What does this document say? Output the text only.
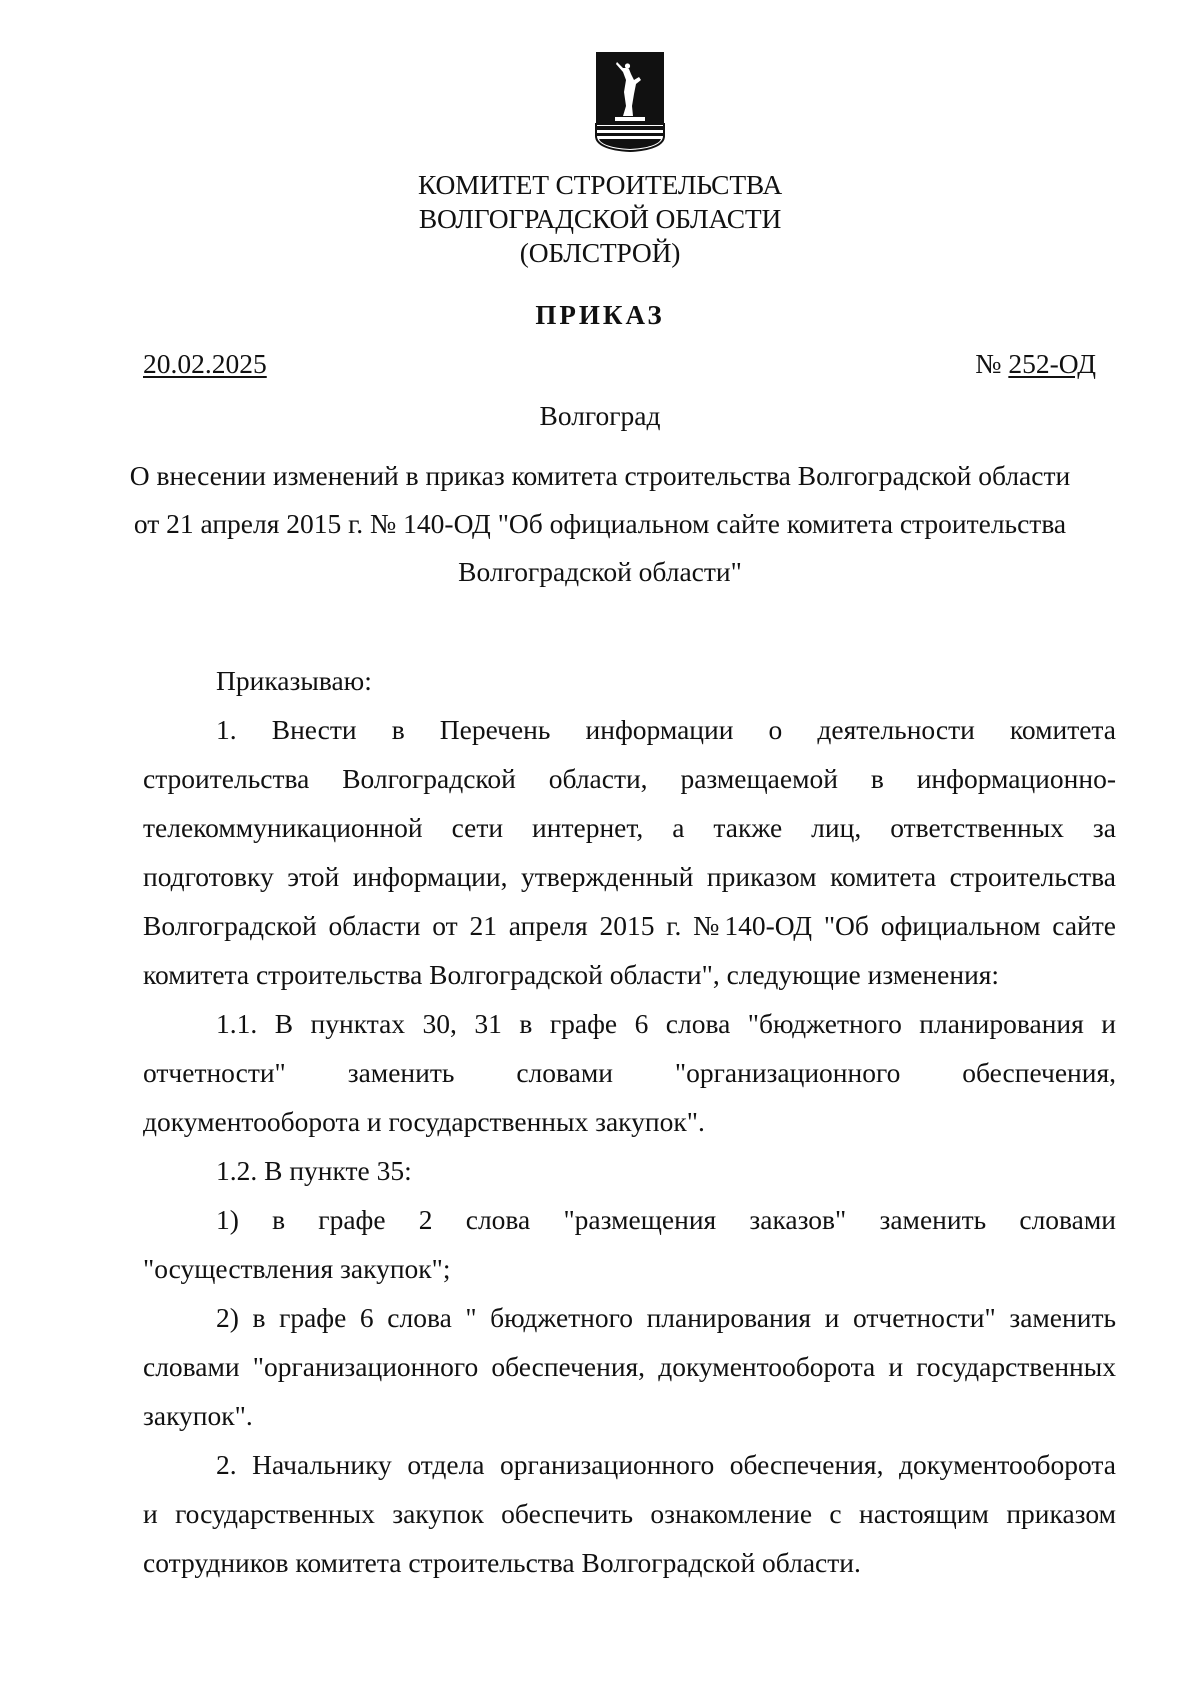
КОМИТЕТ СТРОИТЕЛЬСТВА
ВОЛГОГРАДСКОЙ ОБЛАСТИ
(ОБЛСТРОЙ)
ПРИКАЗ
20.02.2025	№ 252-ОД
Волгоград
О внесении изменений в приказ комитета строительства Волгоградской области
от 21 апреля 2015 г. № 140-ОД "Об официальном сайте комитета строительства
Волгоградской области"
Приказываю:
1. Внести в Перечень информации о деятельности комитета
строительства Волгоградской области, размещаемой в информационно-
телекоммуникационной сети интернет, а также лиц, ответственных за
подготовку этой информации, утвержденный приказом комитета строительства
Волгоградской области от 21 апреля 2015 г. №140-ОД "Об официальном сайте
комитета строительства Волгоградской области", следующие изменения:
1.1. В пунктах 30, 31 в графе 6 слова "бюджетного планирования и
отчетности" заменить словами "организационного обеспечения,
документооборота и государственных закупок".
1.2. В пункте 35:
1) в графе 2 слова "размещения заказов" заменить словами
"осуществления закупок";
2) в графе 6 слова " бюджетного планирования и отчетности" заменить
словами "организационного обеспечения, документооборота и государственных
закупок".
2. Начальнику отдела организационного обеспечения, документооборота
и государственных закупок обеспечить ознакомление с настоящим приказом
сотрудников комитета строительства Волгоградской области.
